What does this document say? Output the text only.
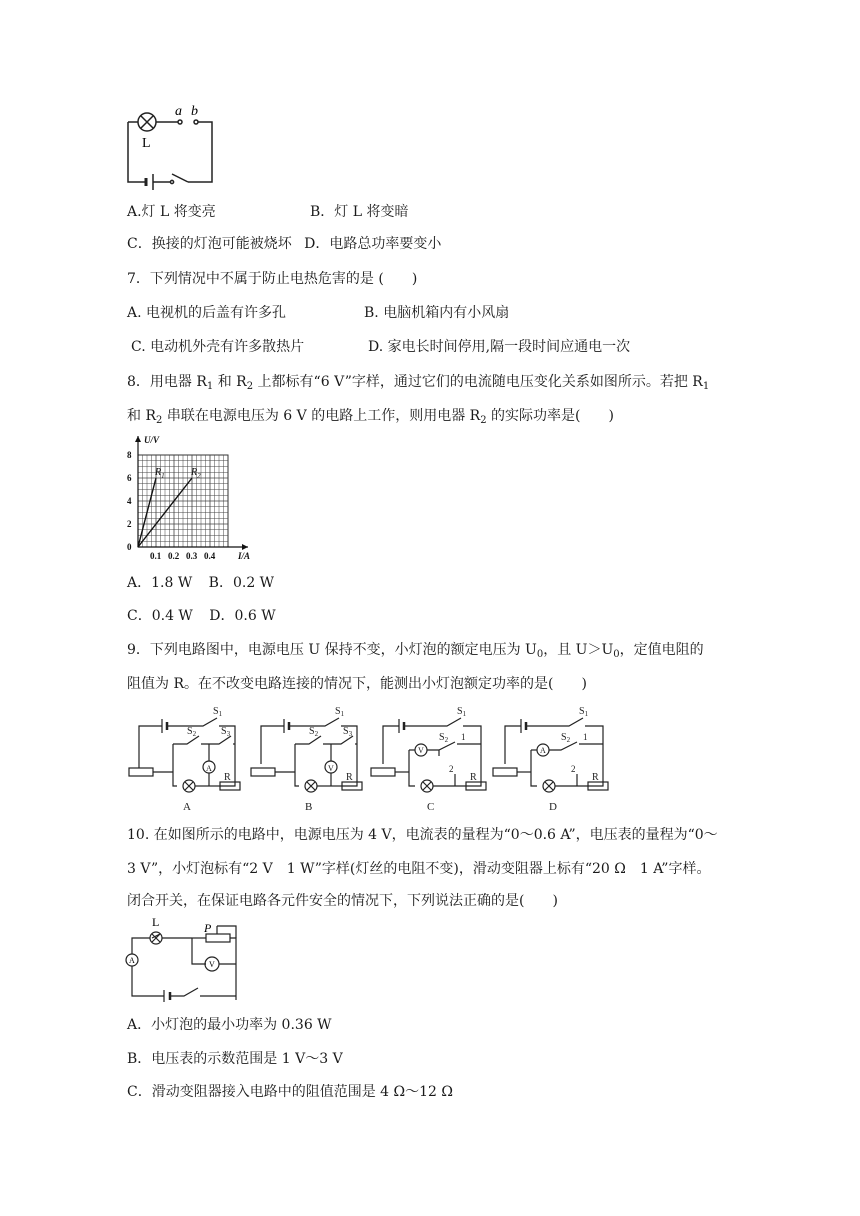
a b
L
A.灯 L 将变亮	B．灯 L 将变暗
C．换接的灯泡可能被烧坏 D．电路总功率要变小
7．下列情况中不属于防止电热危害的是 (　　)
A. 电视机的后盖有许多孔	B. 电脑机箱内有小风扇
C. 电动机外壳有许多散热片	D. 家电长时间停用,隔一段时间应通电一次
8．用电器 $R_1$ 和 $R_2$ 上都标有“6 V”字样，通过它们的电流随电压变化关系如图所示。若把 $R_1$
和 $R_2$ 串联在电源电压为 6 V 的电路上工作，则用电器 $R_2$ 的实际功率是(　　)
0.1 0.2 0.3 0.4
0
2
4
6
8
I/A
U/V
$R_1$	$R_2$
A．1.8 W B．0.2 W
C．0.4 W D．0.6 W
9．下列电路图中，电源电压 U 保持不变，小灯泡的额定电压为 $U_0$，且 $U>U_0$，定值电阻的
阻值为 R。在不改变电路连接的情况下，能测出小灯泡额定功率的是(　　)
$S_1$
$S_2$ $S_3$
A
R
A
$S_1$
$S_2$ $S_3$
V
R
B
$S_1$
$S_2$ 1
2
V
R
C
$S_1$
$S_2$ 1
2
A
R
D
10. 在如图所示的电路中，电源电压为 4 V，电流表的量程为“0～0.6 A”，电压表的量程为“0～
3 V”，小灯泡标有“2 V　1 W”字样(灯丝的电阻不变)，滑动变阻器上标有“20 Ω　1 A”字样。
闭合开关，在保证电路各元件安全的情况下，下列说法正确的是(　　)
L	P
A	V
A．小灯泡的最小功率为 0.36 W
B．电压表的示数范围是 1 V～3 V
C．滑动变阻器接入电路中的阻值范围是 4 Ω～12 Ω
